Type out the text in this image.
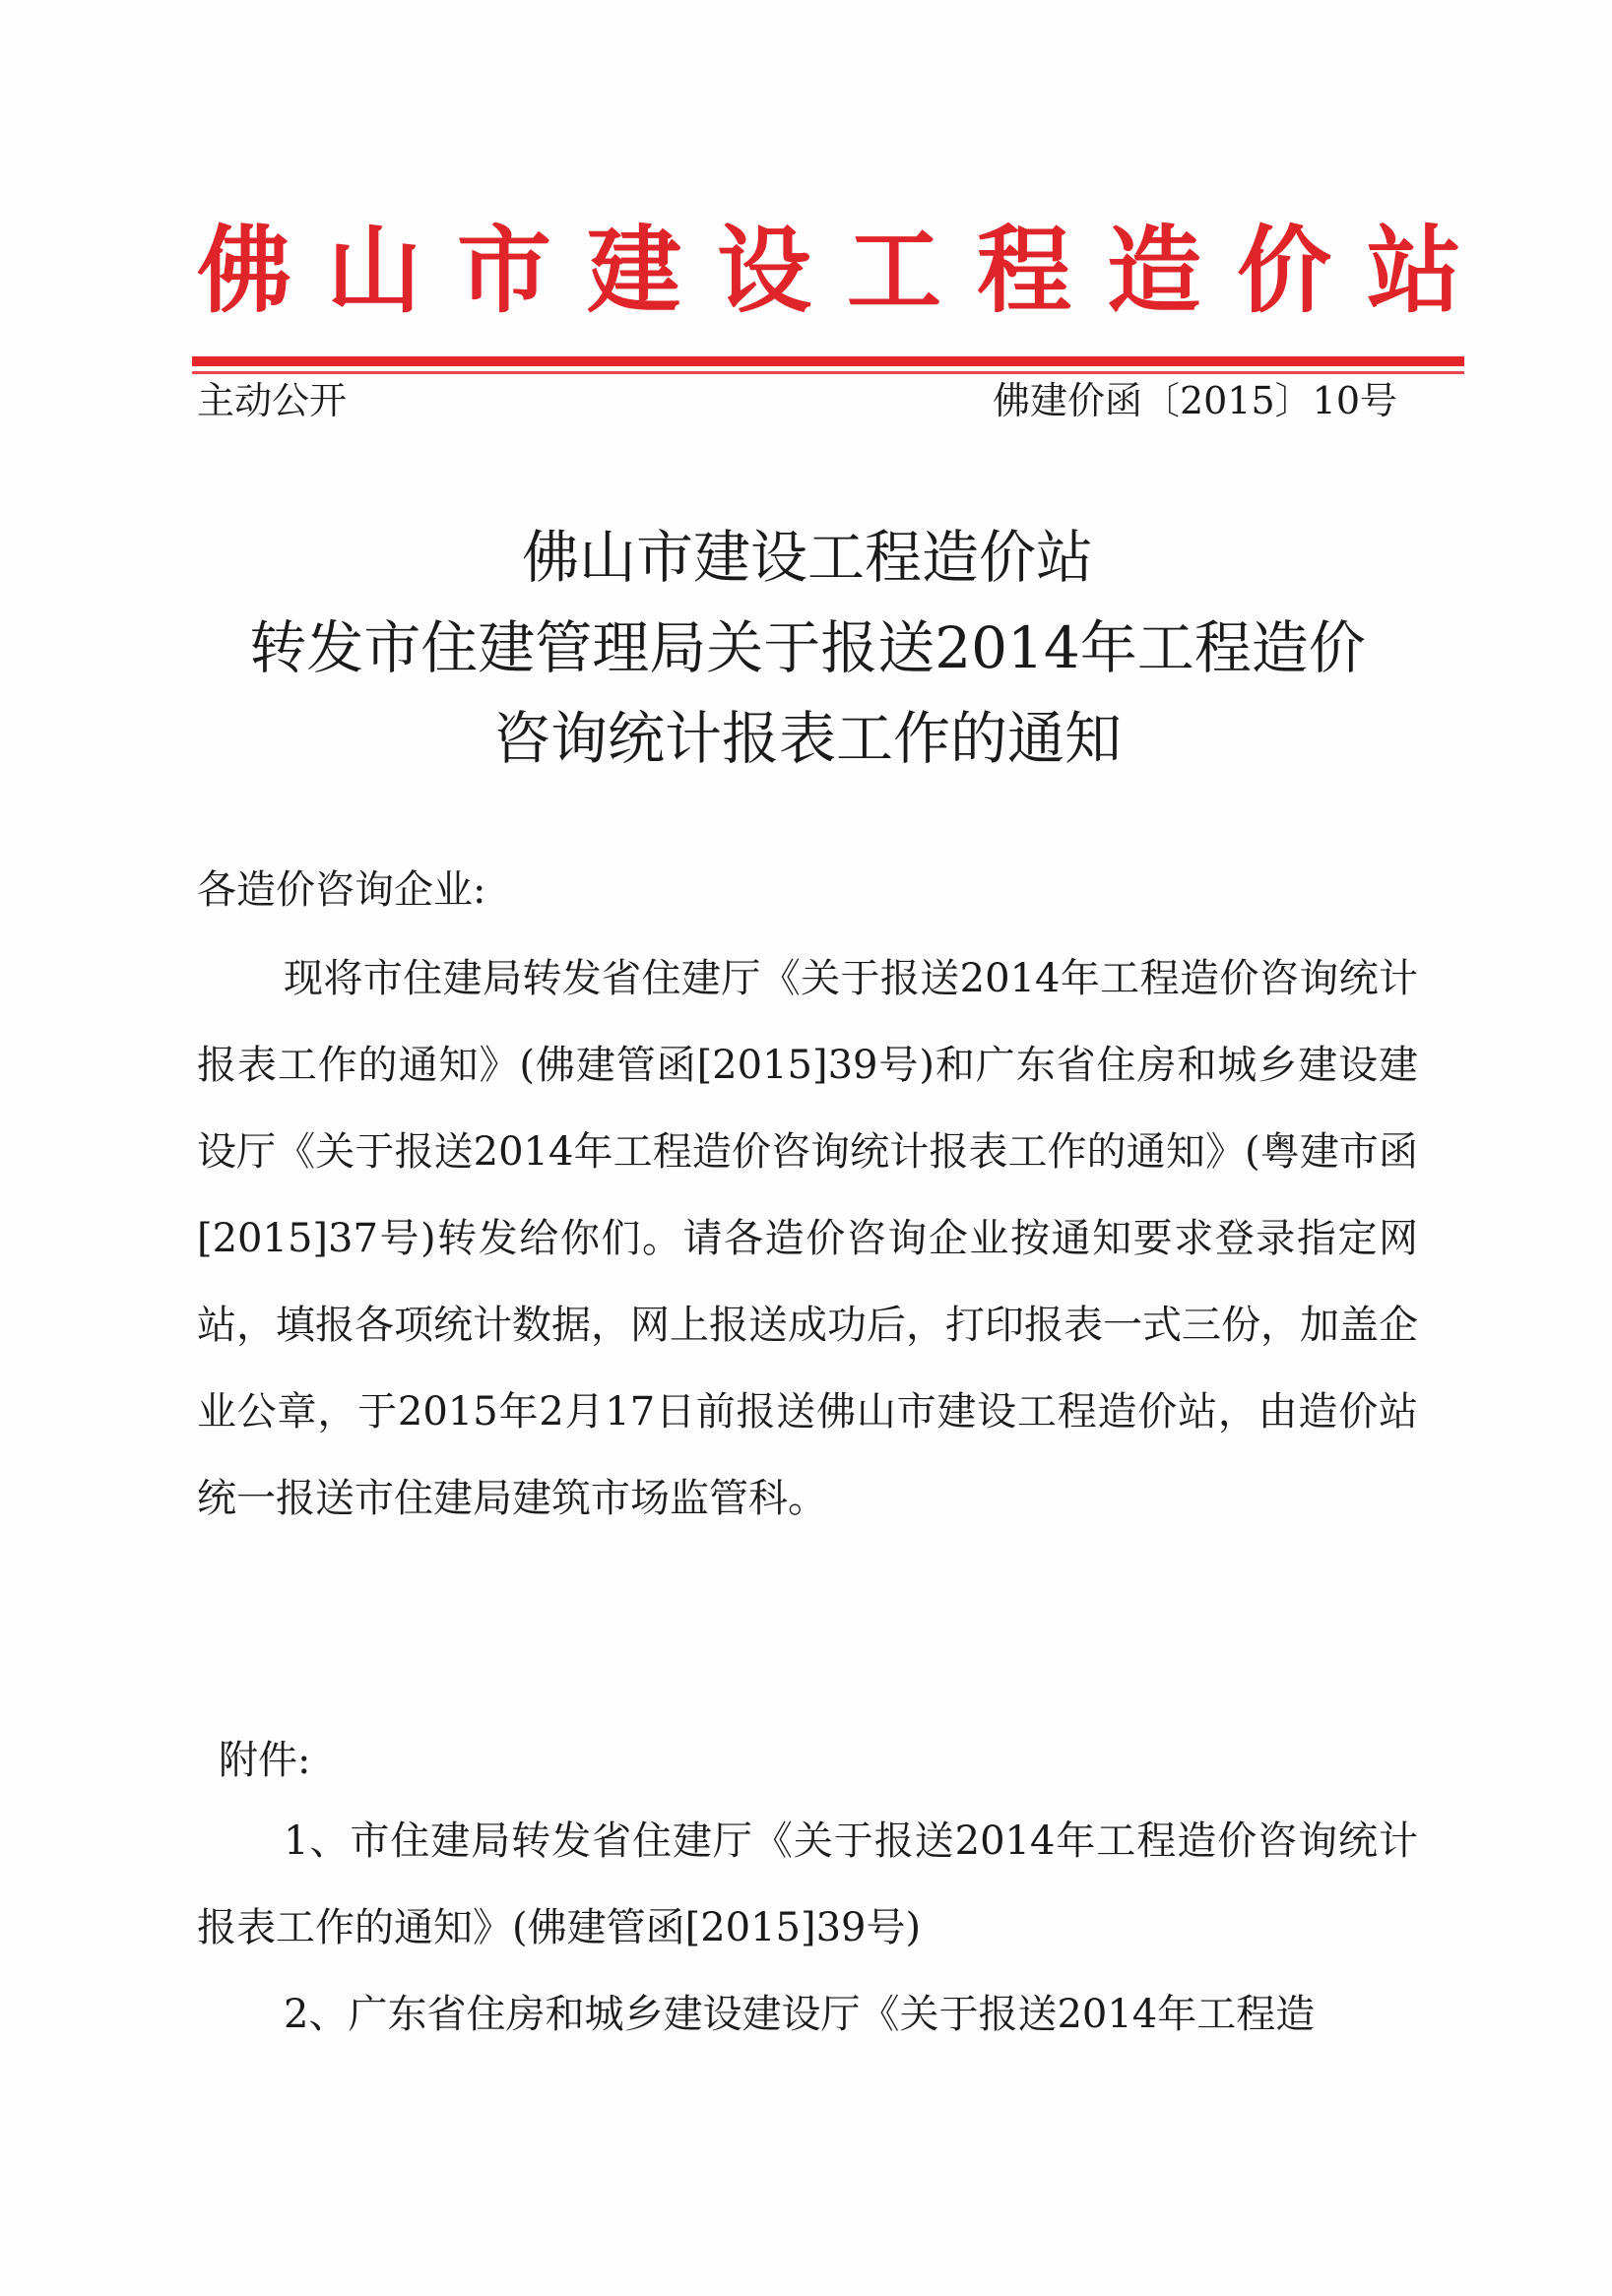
佛山市建设工程造价站
主动公开	佛建价函〔2015〕10号
佛山市建设工程造价站
转发市住建管理局关于报送2014年工程造价
咨询统计报表工作的通知
各造价咨询企业:

现将市住建局转发省住建厅《关于报送2014年工程造价咨询统计报表工作的通知》(佛建管函[2015]39号)和广东省住房和城乡建设建设厅《关于报送2014年工程造价咨询统计报表工作的通知》(粤建市函[2015]37号)转发给你们。请各造价咨询企业按通知要求登录指定网站，填报各项统计数据，网上报送成功后，打印报表一式三份，加盖企业公章，于2015年2月17日前报送佛山市建设工程造价站，由造价站统一报送市住建局建筑市场监管科。

附件:

1、市住建局转发省住建厅《关于报送2014年工程造价咨询统计报表工作的通知》(佛建管函[2015]39号)

2、广东省住房和城乡建设建设厅《关于报送2014年工程造
